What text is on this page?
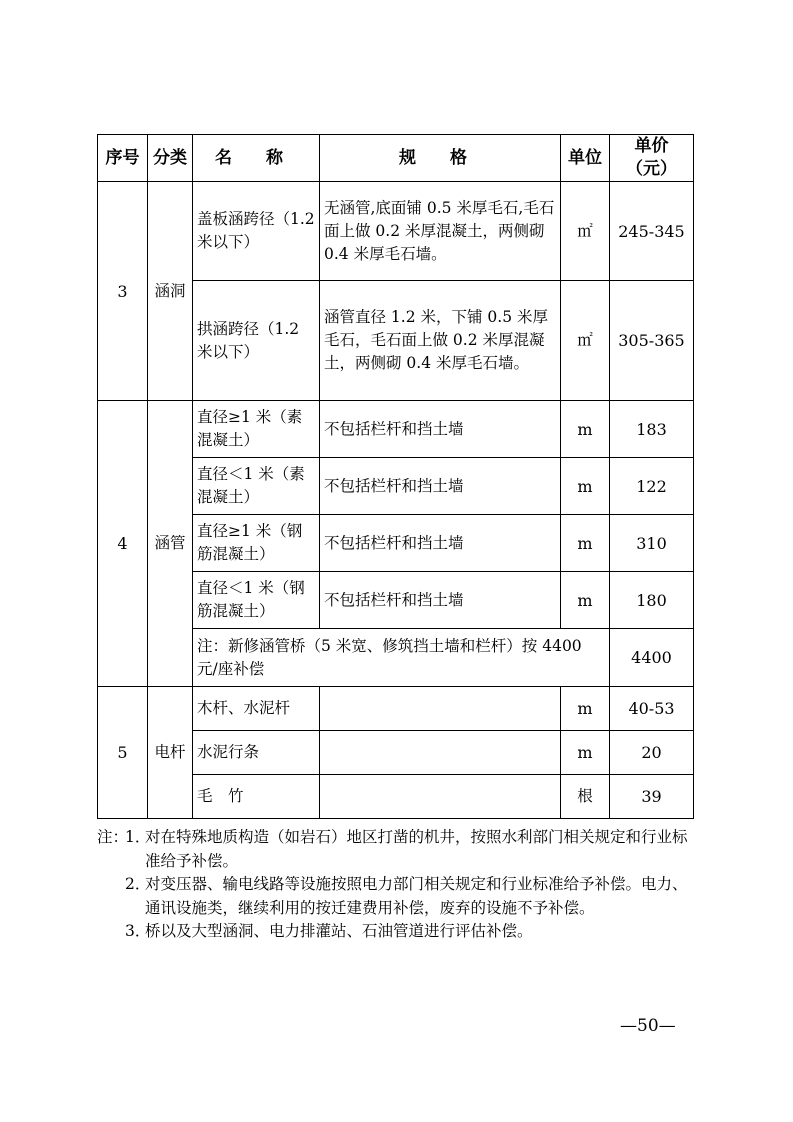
序号	分类	名 称	规 格	单位	单价（元）
3	涵洞	盖板涵跨径（1.2 米以下）	无涵管,底面铺 0.5 米厚毛石,毛石面上做 0.2 米厚混凝土，两侧砌 0.4 米厚毛石墙。	㎡	245-345
		拱涵跨径（1.2 米以下）	涵管直径 1.2 米，下铺 0.5 米厚毛石，毛石面上做 0.2 米厚混凝土，两侧砌 0.4 米厚毛石墙。	㎡	305-365
4	涵管	直径≥1 米（素混凝土）	不包括栏杆和挡土墙	m	183
		直径＜1 米（素混凝土）	不包括栏杆和挡土墙	m	122
		直径≥1 米（钢筋混凝土）	不包括栏杆和挡土墙	m	310
		直径＜1 米（钢筋混凝土）	不包括栏杆和挡土墙	m	180
		注：新修涵管桥（5 米宽、修筑挡土墙和栏杆）按 4400 元/座补偿			4400
5	电杆	木杆、水泥杆		m	40-53
		水泥行条		m	20
		毛　竹		根	39
注：
1．
对在特殊地质构造（如岩石）地区打凿的机井，按照水利部门相关规定和行业标准给予补偿。
2．
对变压器、输电线路等设施按照电力部门相关规定和行业标准给予补偿。电力、通讯设施类，继续利用的按迁建费用补偿，废弃的设施不予补偿。
3．
桥以及大型涵洞、电力排灌站、石油管道进行评估补偿。
—50—
